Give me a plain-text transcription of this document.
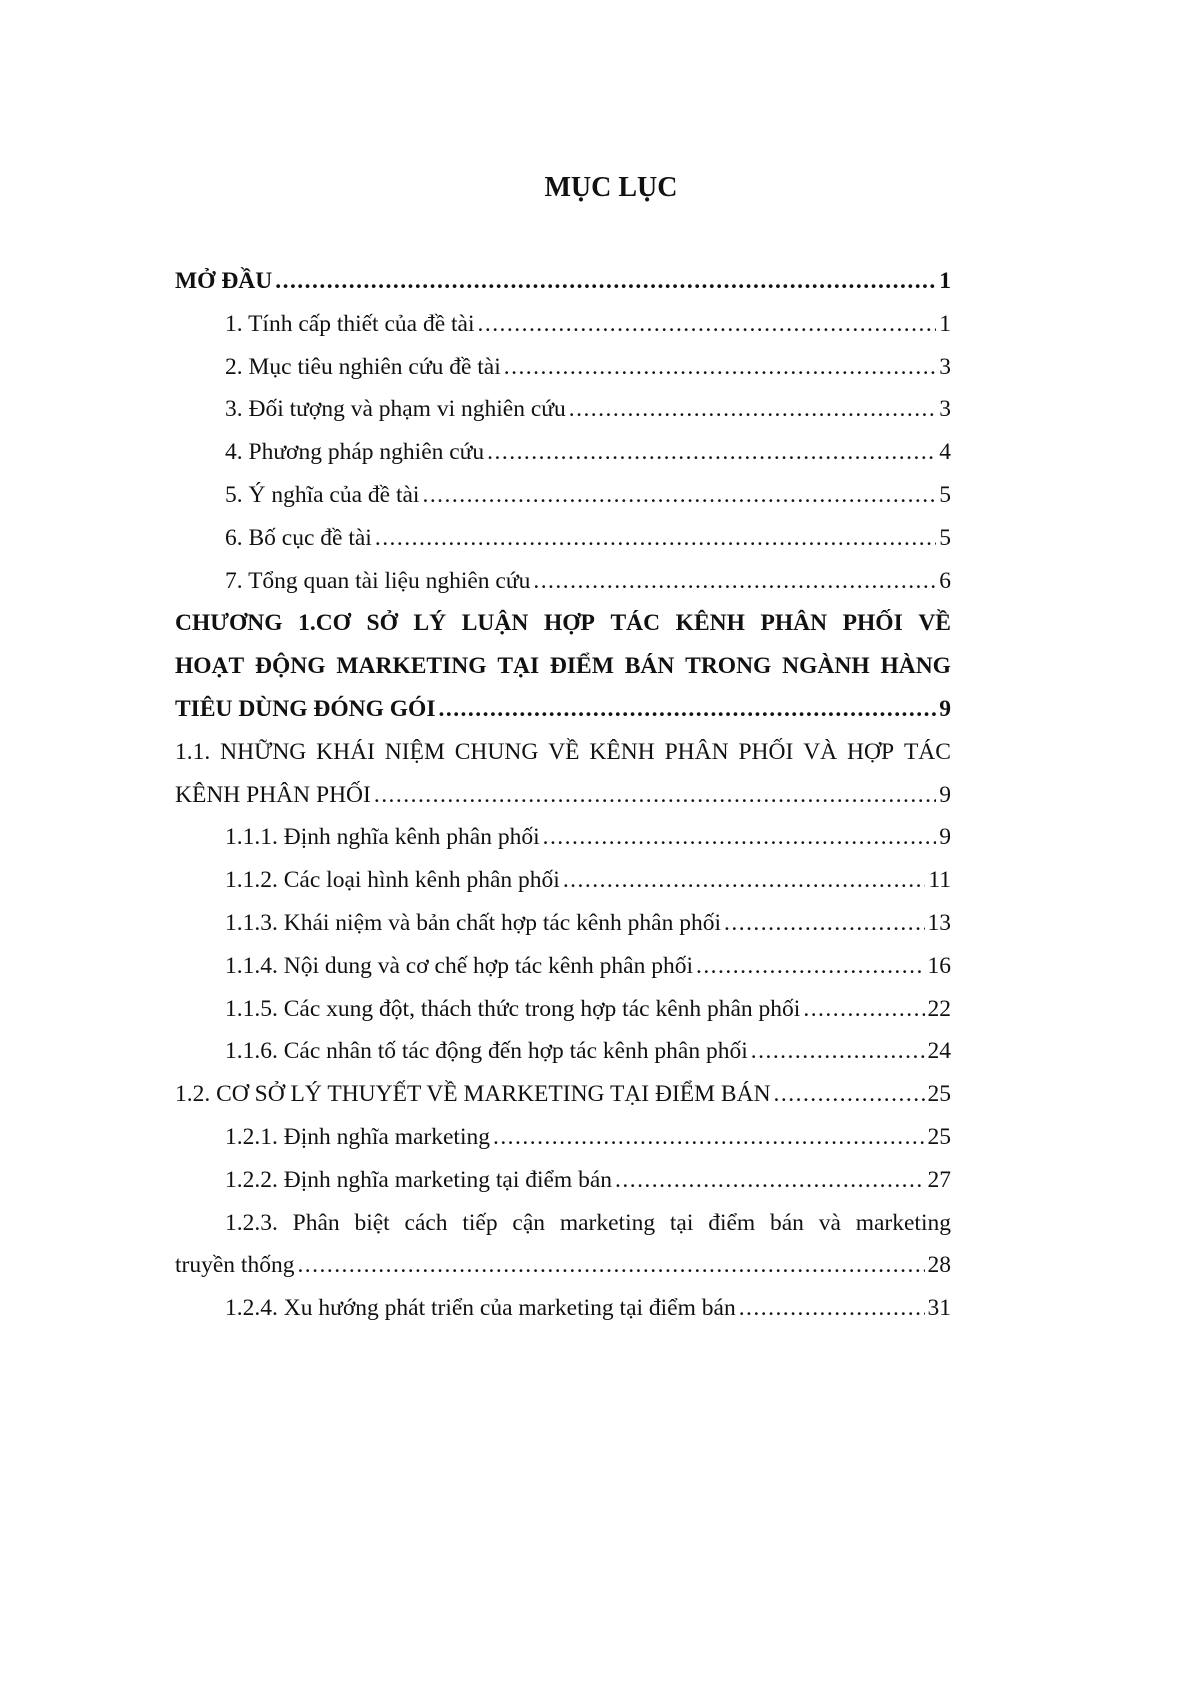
MỤC LỤC
MỞ ĐẦU . . .	1
1. Tính cấp thiết của đề tài . . .	1
2. Mục tiêu nghiên cứu đề tài . . .	3
3. Đối tượng và phạm vi nghiên cứu . . .	3
4. Phương pháp nghiên cứu . . .	4
5. Ý nghĩa của đề tài . . .	5
6. Bố cục đề tài . . .	5
7. Tổng quan tài liệu nghiên cứu . . .	6
CHƯƠNG 1.CƠ SỞ LÝ LUẬN HỢP TÁC KÊNH PHÂN PHỐI VỀ
HOẠT ĐỘNG MARKETING TẠI ĐIỂM BÁN TRONG NGÀNH HÀNG
TIÊU DÙNG ĐÓNG GÓI . . .	9
1.1. NHỮNG KHÁI NIỆM CHUNG VỀ KÊNH PHÂN PHỐI VÀ HỢP TÁC
KÊNH PHÂN PHỐI . . .	9
1.1.1. Định nghĩa kênh phân phối . . .	9
1.1.2. Các loại hình kênh phân phối . . .	11
1.1.3. Khái niệm và bản chất hợp tác kênh phân phối . . .	13
1.1.4. Nội dung và cơ chế hợp tác kênh phân phối . . .	16
1.1.5. Các xung đột, thách thức trong hợp tác kênh phân phối . . .	22
1.1.6. Các nhân tố tác động đến hợp tác kênh phân phối . . .	24
1.2. CƠ SỞ LÝ THUYẾT VỀ MARKETING TẠI ĐIỂM BÁN . . .	25
1.2.1. Định nghĩa marketing . . .	25
1.2.2. Định nghĩa marketing tại điểm bán . . .	27
1.2.3. Phân biệt cách tiếp cận marketing tại điểm bán và marketing
truyền thống . . .	28
1.2.4. Xu hướng phát triển của marketing tại điểm bán . . .	31
